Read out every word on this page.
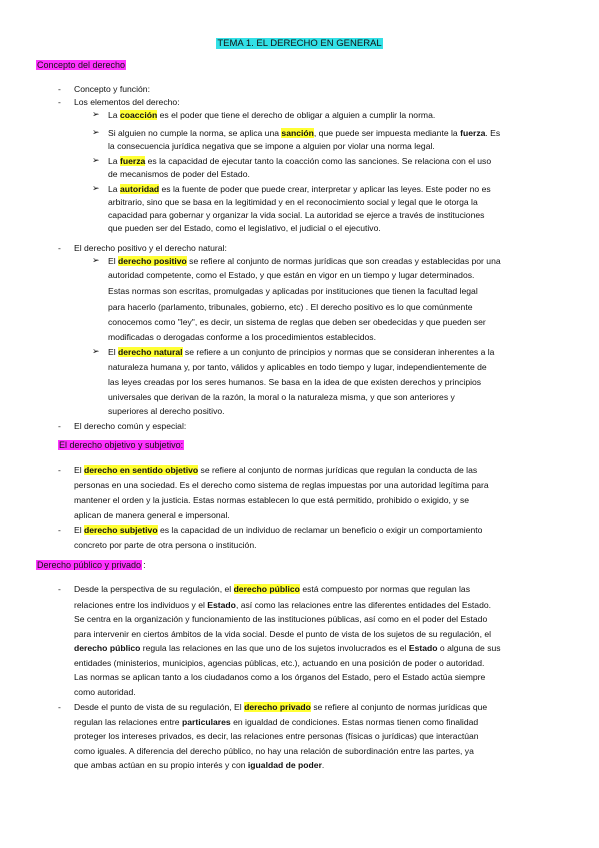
TEMA 1. EL DERECHO EN GENERAL
Concepto del derecho
- Concepto y función:
- Los elementos del derecho:
➢ La coacción es el poder que tiene el derecho de obligar a alguien a cumplir la norma.
➢ Si alguien no cumple la norma, se aplica una sanción, que puede ser impuesta mediante la fuerza. Es
la consecuencia jurídica negativa que se impone a alguien por violar una norma legal.
➢ La fuerza es la capacidad de ejecutar tanto la coacción como las sanciones. Se relaciona con el uso
de mecanismos de poder del Estado.
➢ La autoridad es la fuente de poder que puede crear, interpretar y aplicar las leyes. Este poder no es
arbitrario, sino que se basa en la legitimidad y en el reconocimiento social y legal que le otorga la
capacidad para gobernar y organizar la vida social. La autoridad se ejerce a través de instituciones
que pueden ser del Estado, como el legislativo, el judicial o el ejecutivo.
- El derecho positivo y el derecho natural:
➢ El derecho positivo se refiere al conjunto de normas jurídicas que son creadas y establecidas por una
autoridad competente, como el Estado, y que están en vigor en un tiempo y lugar determinados.
Estas normas son escritas, promulgadas y aplicadas por instituciones que tienen la facultad legal
para hacerlo (parlamento, tribunales, gobierno, etc) . El derecho positivo es lo que comúnmente
conocemos como "ley", es decir, un sistema de reglas que deben ser obedecidas y que pueden ser
modificadas o derogadas conforme a los procedimientos establecidos.
➢ El derecho natural se refiere a un conjunto de principios y normas que se consideran inherentes a la
naturaleza humana y, por tanto, válidos y aplicables en todo tiempo y lugar, independientemente de
las leyes creadas por los seres humanos. Se basa en la idea de que existen derechos y principios
universales que derivan de la razón, la moral o la naturaleza misma, y que son anteriores y
superiores al derecho positivo.
- El derecho común y especial:
El derecho objetivo y subjetivo:
- El derecho en sentido objetivo se refiere al conjunto de normas jurídicas que regulan la conducta de las
personas en una sociedad. Es el derecho como sistema de reglas impuestas por una autoridad legítima para
mantener el orden y la justicia. Estas normas establecen lo que está permitido, prohibido o exigido, y se
aplican de manera general e impersonal.
- El derecho subjetivo es la capacidad de un individuo de reclamar un beneficio o exigir un comportamiento
concreto por parte de otra persona o institución.
Derecho público y privado :
- Desde la perspectiva de su regulación, el derecho público está compuesto por normas que regulan las
relaciones entre los individuos y el Estado, así como las relaciones entre las diferentes entidades del Estado.
Se centra en la organización y funcionamiento de las instituciones públicas, así como en el poder del Estado
para intervenir en ciertos ámbitos de la vida social. Desde el punto de vista de los sujetos de su regulación, el
derecho público regula las relaciones en las que uno de los sujetos involucrados es el Estado o alguna de sus
entidades (ministerios, municipios, agencias públicas, etc.), actuando en una posición de poder o autoridad.
Las normas se aplican tanto a los ciudadanos como a los órganos del Estado, pero el Estado actúa siempre
como autoridad.
- Desde el punto de vista de su regulación, El derecho privado se refiere al conjunto de normas jurídicas que
regulan las relaciones entre particulares en igualdad de condiciones. Estas normas tienen como finalidad
proteger los intereses privados, es decir, las relaciones entre personas (físicas o jurídicas) que interactúan
como iguales. A diferencia del derecho público, no hay una relación de subordinación entre las partes, ya
que ambas actúan en su propio interés y con igualdad de poder.
